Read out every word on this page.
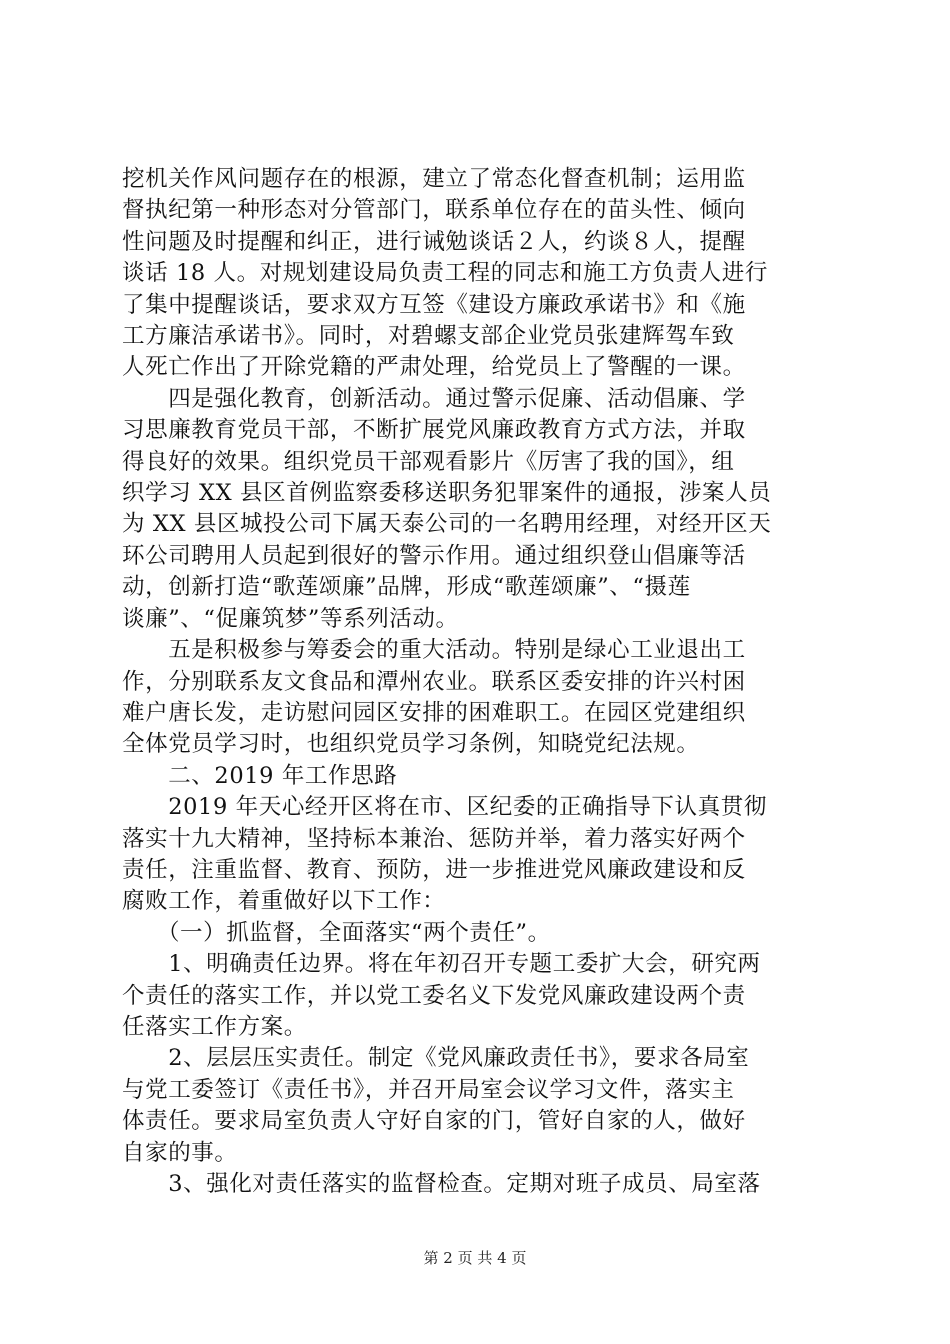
挖机关作风问题存在的根源，建立了常态化督查机制；运用监
督执纪第一种形态对分管部门，联系单位存在的苗头性、倾向
性问题及时提醒和纠正，进行诫勉谈话２人，约谈８人，提醒
谈话 18 人。对规划建设局负责工程的同志和施工方负责人进行
了集中提醒谈话，要求双方互签《建设方廉政承诺书》和《施
工方廉洁承诺书》。同时，对碧螺支部企业党员张建辉驾车致
人死亡作出了开除党籍的严肃处理，给党员上了警醒的一课。
　　四是强化教育，创新活动。通过警示促廉、活动倡廉、学
习思廉教育党员干部，不断扩展党风廉政教育方式方法，并取
得良好的效果。组织党员干部观看影片《厉害了我的国》，组
织学习 XX 县区首例监察委移送职务犯罪案件的通报，涉案人员
为 XX 县区城投公司下属天泰公司的一名聘用经理，对经开区天
环公司聘用人员起到很好的警示作用。通过组织登山倡廉等活
动，创新打造“歌莲颂廉”品牌，形成“歌莲颂廉”、“摄莲
谈廉”、“促廉筑梦”等系列活动。
　　五是积极参与筹委会的重大活动。特别是绿心工业退出工
作，分别联系友文食品和潭州农业。联系区委安排的许兴村困
难户唐长发，走访慰问园区安排的困难职工。在园区党建组织
全体党员学习时，也组织党员学习条例，知晓党纪法规。
　　二、2019 年工作思路
　　2019 年天心经开区将在市、区纪委的正确指导下认真贯彻
落实十九大精神，坚持标本兼治、惩防并举，着力落实好两个
责任，注重监督、教育、预防，进一步推进党风廉政建设和反
腐败工作，着重做好以下工作：
　　（一）抓监督，全面落实“两个责任”。
　　1、明确责任边界。将在年初召开专题工委扩大会，研究两
个责任的落实工作，并以党工委名义下发党风廉政建设两个责
任落实工作方案。
　　2、层层压实责任。制定《党风廉政责任书》，要求各局室
与党工委签订《责任书》，并召开局室会议学习文件，落实主
体责任。要求局室负责人守好自家的门，管好自家的人，做好
自家的事。
　　3、强化对责任落实的监督检查。定期对班子成员、局室落
第 2 页 共 4 页
